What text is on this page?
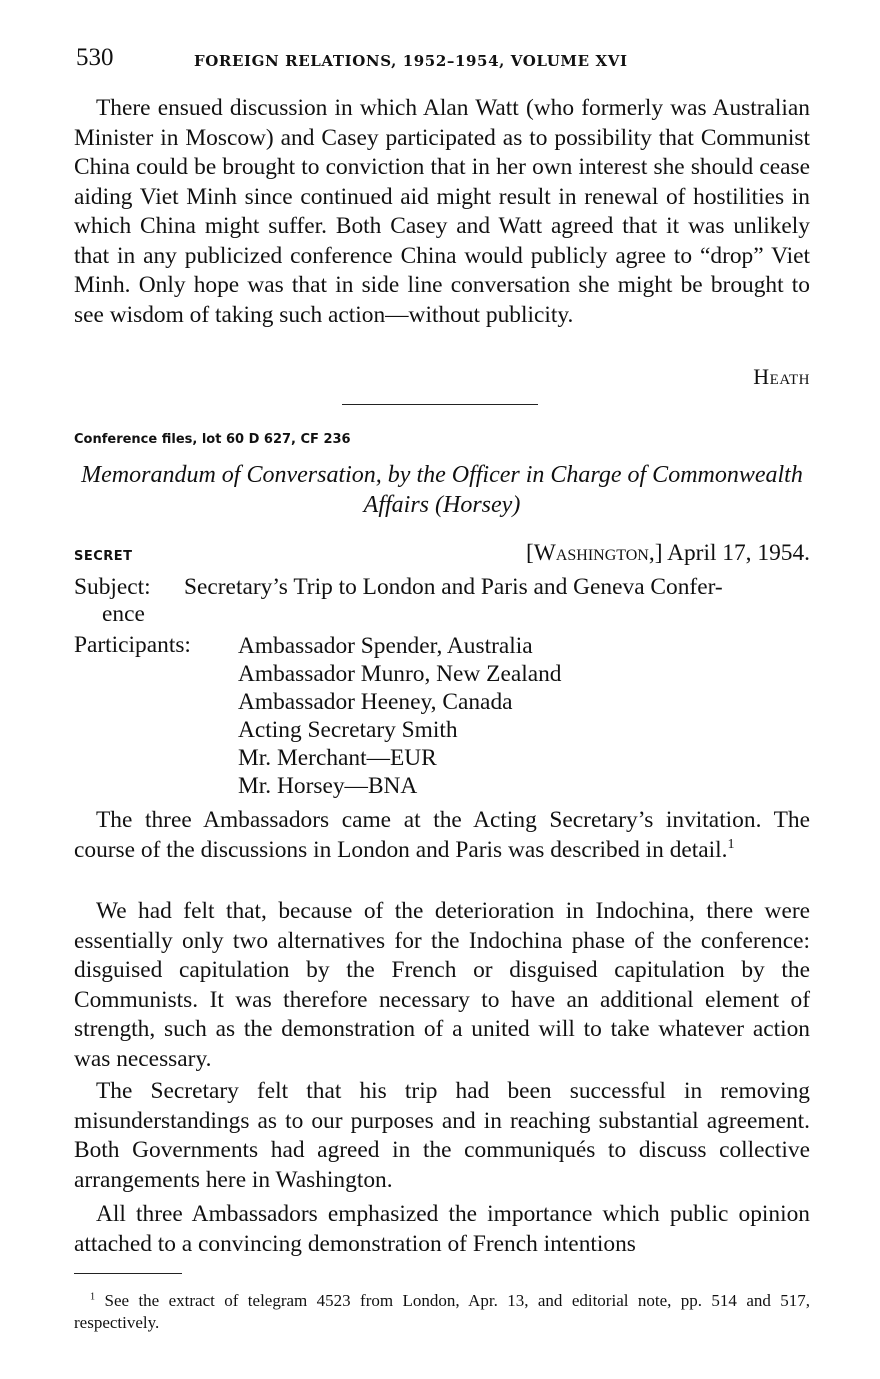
530	FOREIGN RELATIONS, 1952–1954, VOLUME XVI

There ensued discussion in which Alan Watt (who formerly was Australian Minister in Moscow) and Casey participated as to possibility that Communist China could be brought to conviction that in her own interest she should cease aiding Viet Minh since continued aid might result in renewal of hostilities in which China might suffer. Both Casey and Watt agreed that it was unlikely that in any publicized conference China would publicly agree to “drop” Viet Minh. Only hope was that in side line conversation she might be brought to see wisdom of taking such action—without publicity.

Heath
Conference files, lot 60 D 627, CF 236

Memorandum of Conversation, by the Officer in Charge of Commonwealth Affairs (Horsey)

SECRET	[Washington,] April 17, 1954.
Subject: Secretary’s Trip to London and Paris and Geneva Confer-
ence
Participants: Ambassador Spender, Australia
Ambassador Munro, New Zealand
Ambassador Heeney, Canada
Acting Secretary Smith
Mr. Merchant—EUR
Mr. Horsey—BNA

The three Ambassadors came at the Acting Secretary’s invitation. The course of the discussions in London and Paris was described in detail.$^1$

We had felt that, because of the deterioration in Indochina, there were essentially only two alternatives for the Indochina phase of the conference: disguised capitulation by the French or disguised capitulation by the Communists. It was therefore necessary to have an additional element of strength, such as the demonstration of a united will to take whatever action was necessary.

The Secretary felt that his trip had been successful in removing misunderstandings as to our purposes and in reaching substantial agreement. Both Governments had agreed in the communiqués to discuss collective arrangements here in Washington.

All three Ambassadors emphasized the importance which public opinion attached to a convincing demonstration of French intentions

$^1$ See the extract of telegram 4523 from London, Apr. 13, and editorial note, pp. 514 and 517, respectively.
